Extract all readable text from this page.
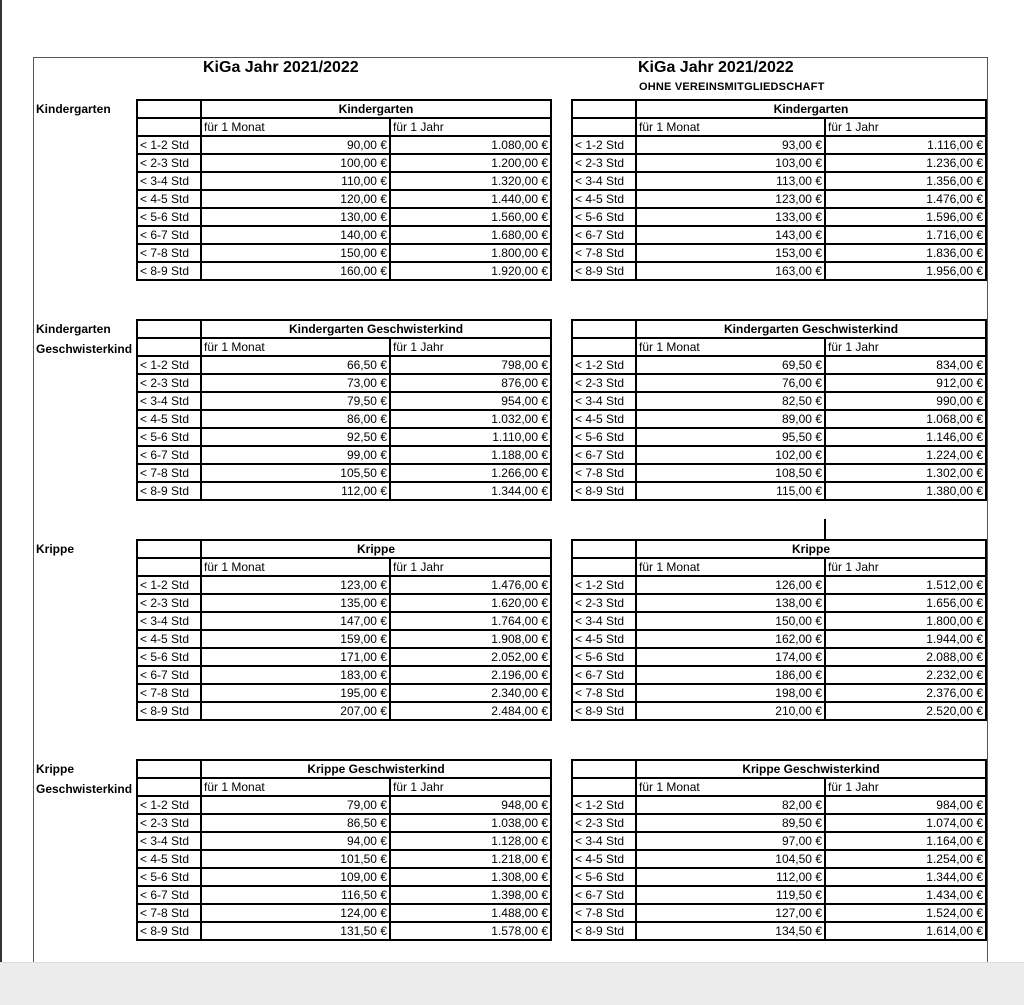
KiGa Jahr 2021/2022	KiGa Jahr 2021/2022
OHNE VEREINSMITGLIEDSCHAFT
Kindergarten
		Kindergarten	
	für 1 Monat	für 1 Jahr
< 1-2 Std	90,00 €	1.080,00 €
< 2-3 Std	100,00 €	1.200,00 €
< 3-4 Std	110,00 €	1.320,00 €
< 4-5 Std	120,00 €	1.440,00 €
< 5-6 Std	130,00 €	1.560,00 €
< 6-7 Std	140,00 €	1.680,00 €
< 7-8 Std	150,00 €	1.800,00 €
< 8-9 Std	160,00 €	1.920,00 €
	Kindergarten	
	für 1 Monat	für 1 Jahr
< 1-2 Std	93,00 €	1.116,00 €
< 2-3 Std	103,00 €	1.236,00 €
< 3-4 Std	113,00 €	1.356,00 €
< 4-5 Std	123,00 €	1.476,00 €
< 5-6 Std	133,00 €	1.596,00 €
< 6-7 Std	143,00 €	1.716,00 €
< 7-8 Std	153,00 €	1.836,00 €
< 8-9 Std	163,00 €	1.956,00 €
Kindergarten
Geschwisterkind
	Kindergarten Geschwisterkind	
	für 1 Monat	für 1 Jahr
< 1-2 Std	66,50 €	798,00 €
< 2-3 Std	73,00 €	876,00 €
< 3-4 Std	79,50 €	954,00 €
< 4-5 Std	86,00 €	1.032,00 €
< 5-6 Std	92,50 €	1.110,00 €
< 6-7 Std	99,00 €	1.188,00 €
< 7-8 Std	105,50 €	1.266,00 €
< 8-9 Std	112,00 €	1.344,00 €
	Kindergarten Geschwisterkind	
	für 1 Monat	für 1 Jahr
< 1-2 Std	69,50 €	834,00 €
< 2-3 Std	76,00 €	912,00 €
< 3-4 Std	82,50 €	990,00 €
< 4-5 Std	89,00 €	1.068,00 €
< 5-6 Std	95,50 €	1.146,00 €
< 6-7 Std	102,00 €	1.224,00 €
< 7-8 Std	108,50 €	1.302,00 €
< 8-9 Std	115,00 €	1.380,00 €
Krippe
		Krippe	
	für 1 Monat	für 1 Jahr
< 1-2 Std	123,00 €	1.476,00 €
< 2-3 Std	135,00 €	1.620,00 €
< 3-4 Std	147,00 €	1.764,00 €
< 4-5 Std	159,00 €	1.908,00 €
< 5-6 Std	171,00 €	2.052,00 €
< 6-7 Std	183,00 €	2.196,00 €
< 7-8 Std	195,00 €	2.340,00 €
< 8-9 Std	207,00 €	2.484,00 €
	Krippe	
	für 1 Monat	für 1 Jahr
< 1-2 Std	126,00 €	1.512,00 €
< 2-3 Std	138,00 €	1.656,00 €
< 3-4 Std	150,00 €	1.800,00 €
< 4-5 Std	162,00 €	1.944,00 €
< 5-6 Std	174,00 €	2.088,00 €
< 6-7 Std	186,00 €	2.232,00 €
< 7-8 Std	198,00 €	2.376,00 €
< 8-9 Std	210,00 €	2.520,00 €
Krippe
Geschwisterkind
	Krippe Geschwisterkind	
	für 1 Monat	für 1 Jahr
< 1-2 Std	79,00 €	948,00 €
< 2-3 Std	86,50 €	1.038,00 €
< 3-4 Std	94,00 €	1.128,00 €
< 4-5 Std	101,50 €	1.218,00 €
< 5-6 Std	109,00 €	1.308,00 €
< 6-7 Std	116,50 €	1.398,00 €
< 7-8 Std	124,00 €	1.488,00 €
< 8-9 Std	131,50 €	1.578,00 €
	Krippe Geschwisterkind	
	für 1 Monat	für 1 Jahr
< 1-2 Std	82,00 €	984,00 €
< 2-3 Std	89,50 €	1.074,00 €
< 3-4 Std	97,00 €	1.164,00 €
< 4-5 Std	104,50 €	1.254,00 €
< 5-6 Std	112,00 €	1.344,00 €
< 6-7 Std	119,50 €	1.434,00 €
< 7-8 Std	127,00 €	1.524,00 €
< 8-9 Std	134,50 €	1.614,00 €
